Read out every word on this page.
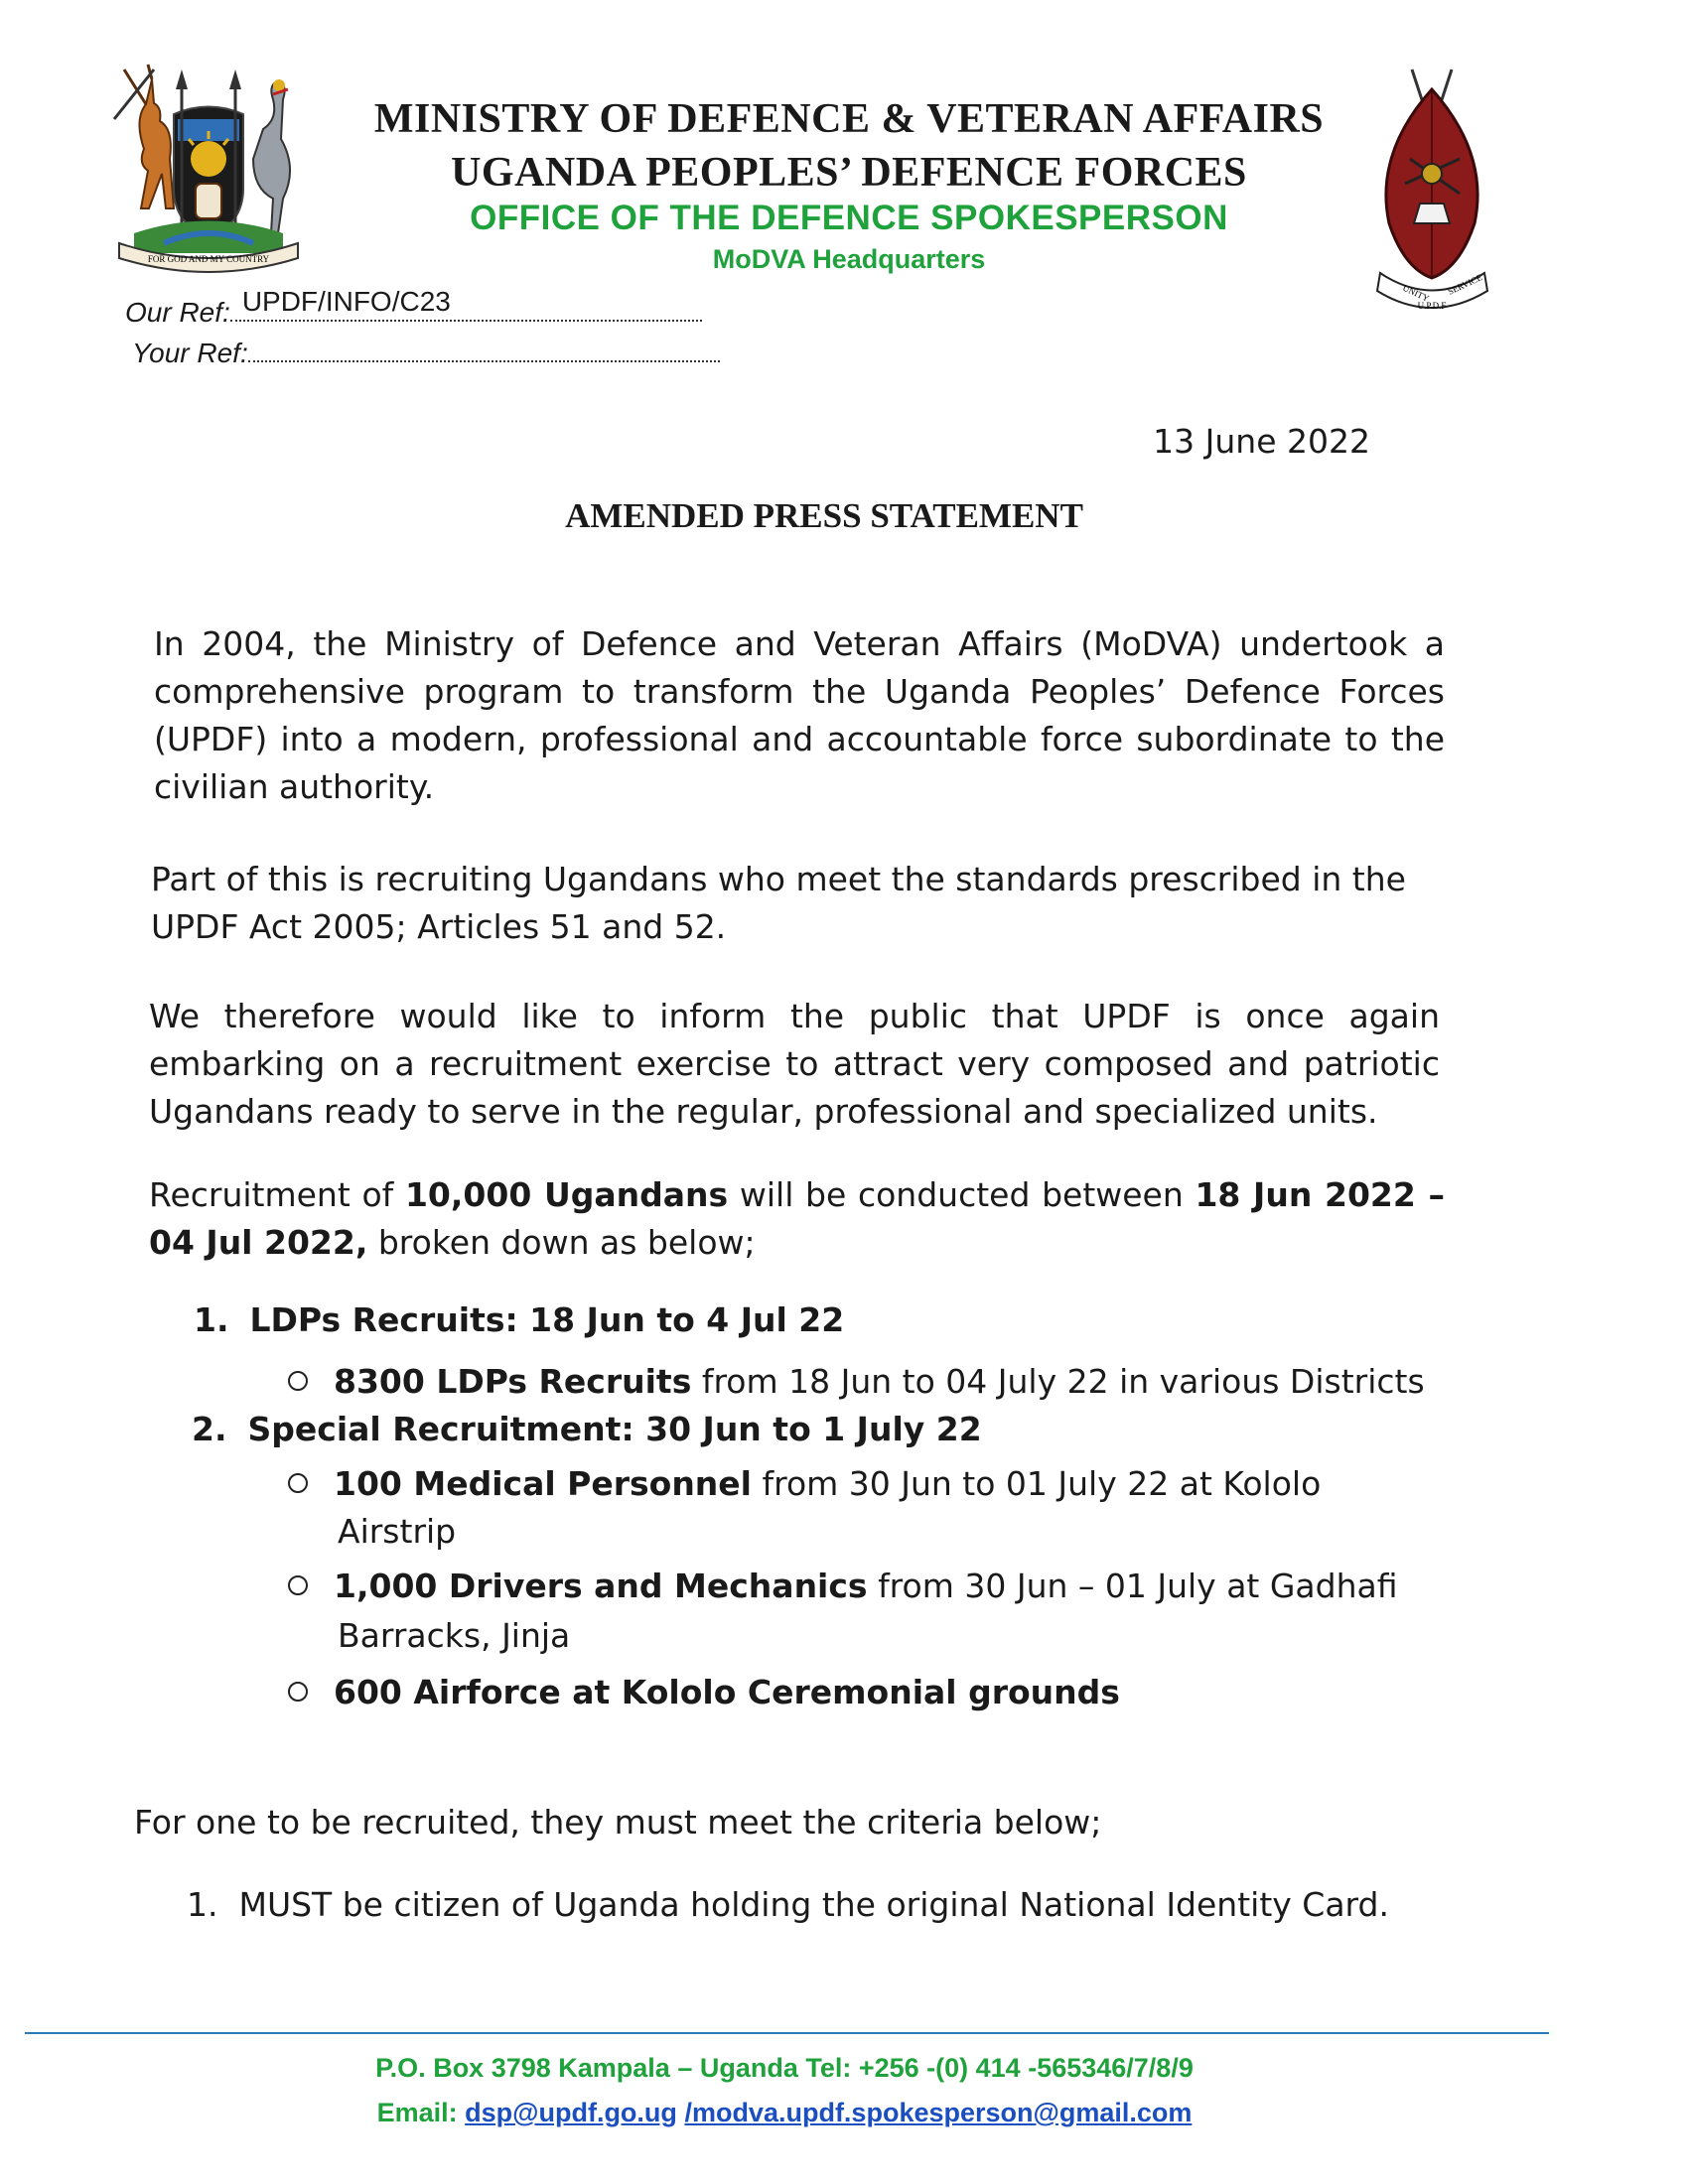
FOR GOD AND MY COUNTRY
UNITY SERVICE
U.P.D.F
MINISTRY OF DEFENCE & VETERAN AFFAIRS
UGANDA PEOPLES’ DEFENCE FORCES
OFFICE OF THE DEFENCE SPOKESPERSON
MoDVA Headquarters
Our Ref: UPDF/INFO/C23
Your Ref:
13 June 2022
AMENDED PRESS STATEMENT
In 2004, the Ministry of Defence and Veteran Affairs (MoDVA) undertook a comprehensive program to transform the Uganda Peoples’ Defence Forces (UPDF) into a modern, professional and accountable force subordinate to the civilian authority.
Part of this is recruiting Ugandans who meet the standards prescribed in the
UPDF Act 2005; Articles 51 and 52.
We therefore would like to inform the public that UPDF is once again embarking on a recruitment exercise to attract very composed and patriotic Ugandans ready to serve in the regular, professional and specialized units.
Recruitment of 10,000 Ugandans will be conducted between 18 Jun 2022 – 04 Jul 2022, broken down as below;
1. LDPs Recruits: 18 Jun to 4 Jul 22
8300 LDPs Recruits from 18 Jun to 04 July 22 in various Districts
2. Special Recruitment: 30 Jun to 1 July 22
100 Medical Personnel from 30 Jun to 01 July 22 at Kololo
Airstrip
1,000 Drivers and Mechanics from 30 Jun – 01 July at Gadhafi
Barracks, Jinja
600 Airforce at Kololo Ceremonial grounds
For one to be recruited, they must meet the criteria below;
1. MUST be citizen of Uganda holding the original National Identity Card.
P.O. Box 3798 Kampala – Uganda Tel: +256 -(0) 414 -565346/7/8/9
Email: dsp@updf.go.ug /modva.updf.spokesperson@gmail.com
